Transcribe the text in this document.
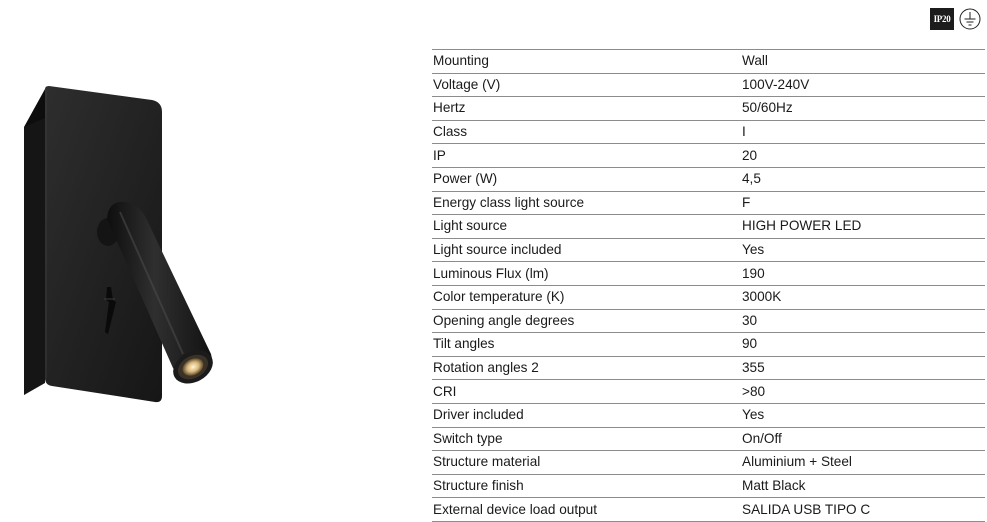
IP20
Mounting	Wall
Voltage (V)	100V-240V
Hertz	50/60Hz
Class	I
IP	20
Power (W)	4,5
Energy class light source	F
Light source	HIGH POWER LED
Light source included	Yes
Luminous Flux (lm)	190
Color temperature (K)	3000K
Opening angle degrees	30
Tilt angles	90
Rotation angles 2	355
CRI	>80
Driver included	Yes
Switch type	On/Off
Structure material	Aluminium + Steel
Structure finish	Matt Black
External device load output	SALIDA USB TIPO C
